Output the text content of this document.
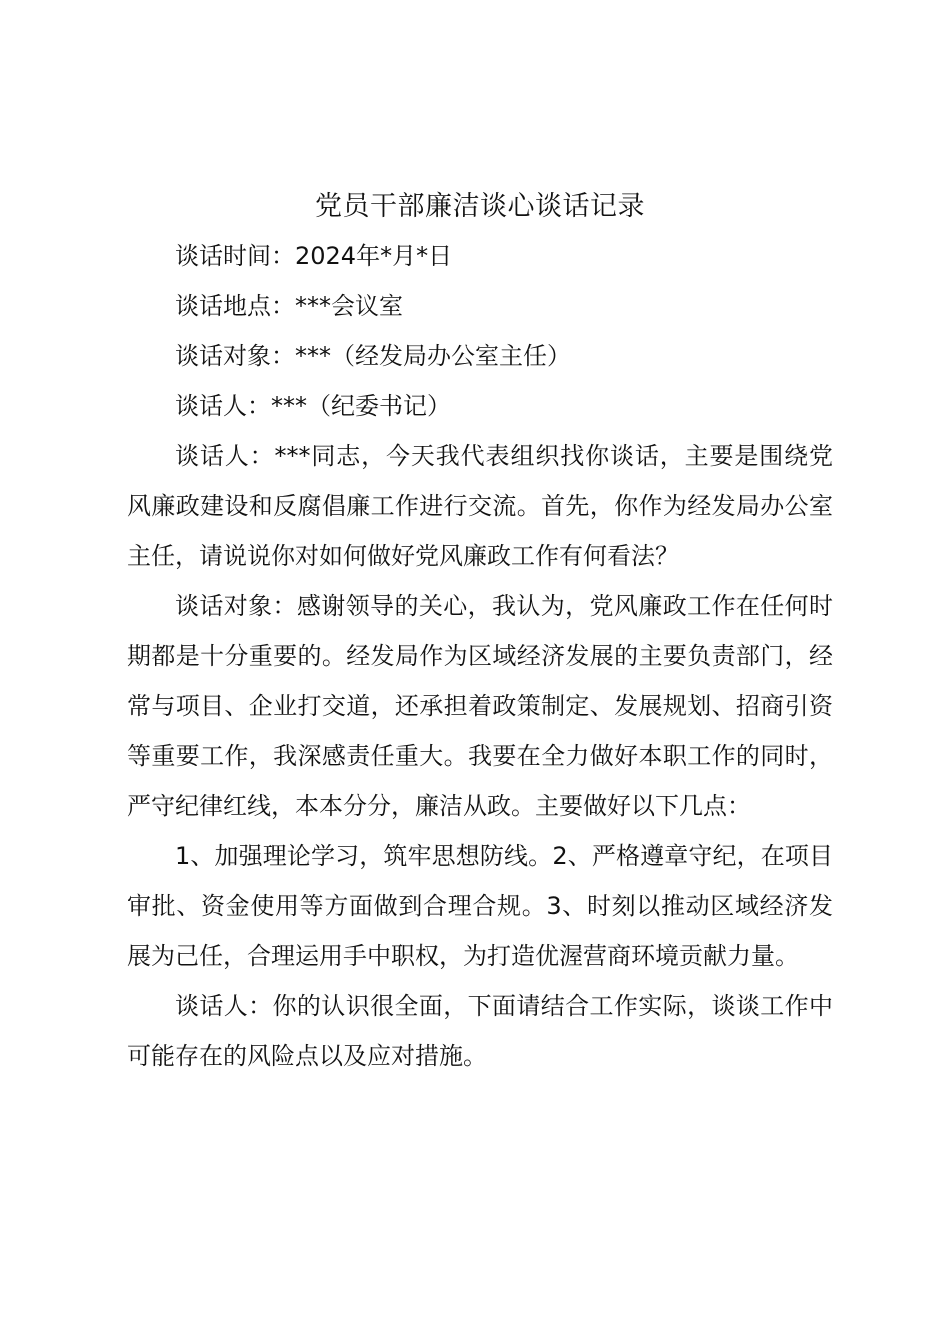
党员干部廉洁谈心谈话记录

谈话时间：2024年*月*日

谈话地点：***会议室

谈话对象：***（经发局办公室主任）

谈话人：***（纪委书记）

谈话人：***同志，今天我代表组织找你谈话，主要是围绕党风廉政建设和反腐倡廉工作进行交流。首先，你作为经发局办公室主任，请说说你对如何做好党风廉政工作有何看法？

谈话对象：感谢领导的关心，我认为，党风廉政工作在任何时期都是十分重要的。经发局作为区域经济发展的主要负责部门，经常与项目、企业打交道，还承担着政策制定、发展规划、招商引资等重要工作，我深感责任重大。我要在全力做好本职工作的同时，严守纪律红线，本本分分，廉洁从政。主要做好以下几点：

1、加强理论学习，筑牢思想防线。2、严格遵章守纪，在项目审批、资金使用等方面做到合理合规。3、时刻以推动区域经济发展为己任，合理运用手中职权，为打造优渥营商环境贡献力量。

谈话人：你的认识很全面，下面请结合工作实际，谈谈工作中可能存在的风险点以及应对措施。
